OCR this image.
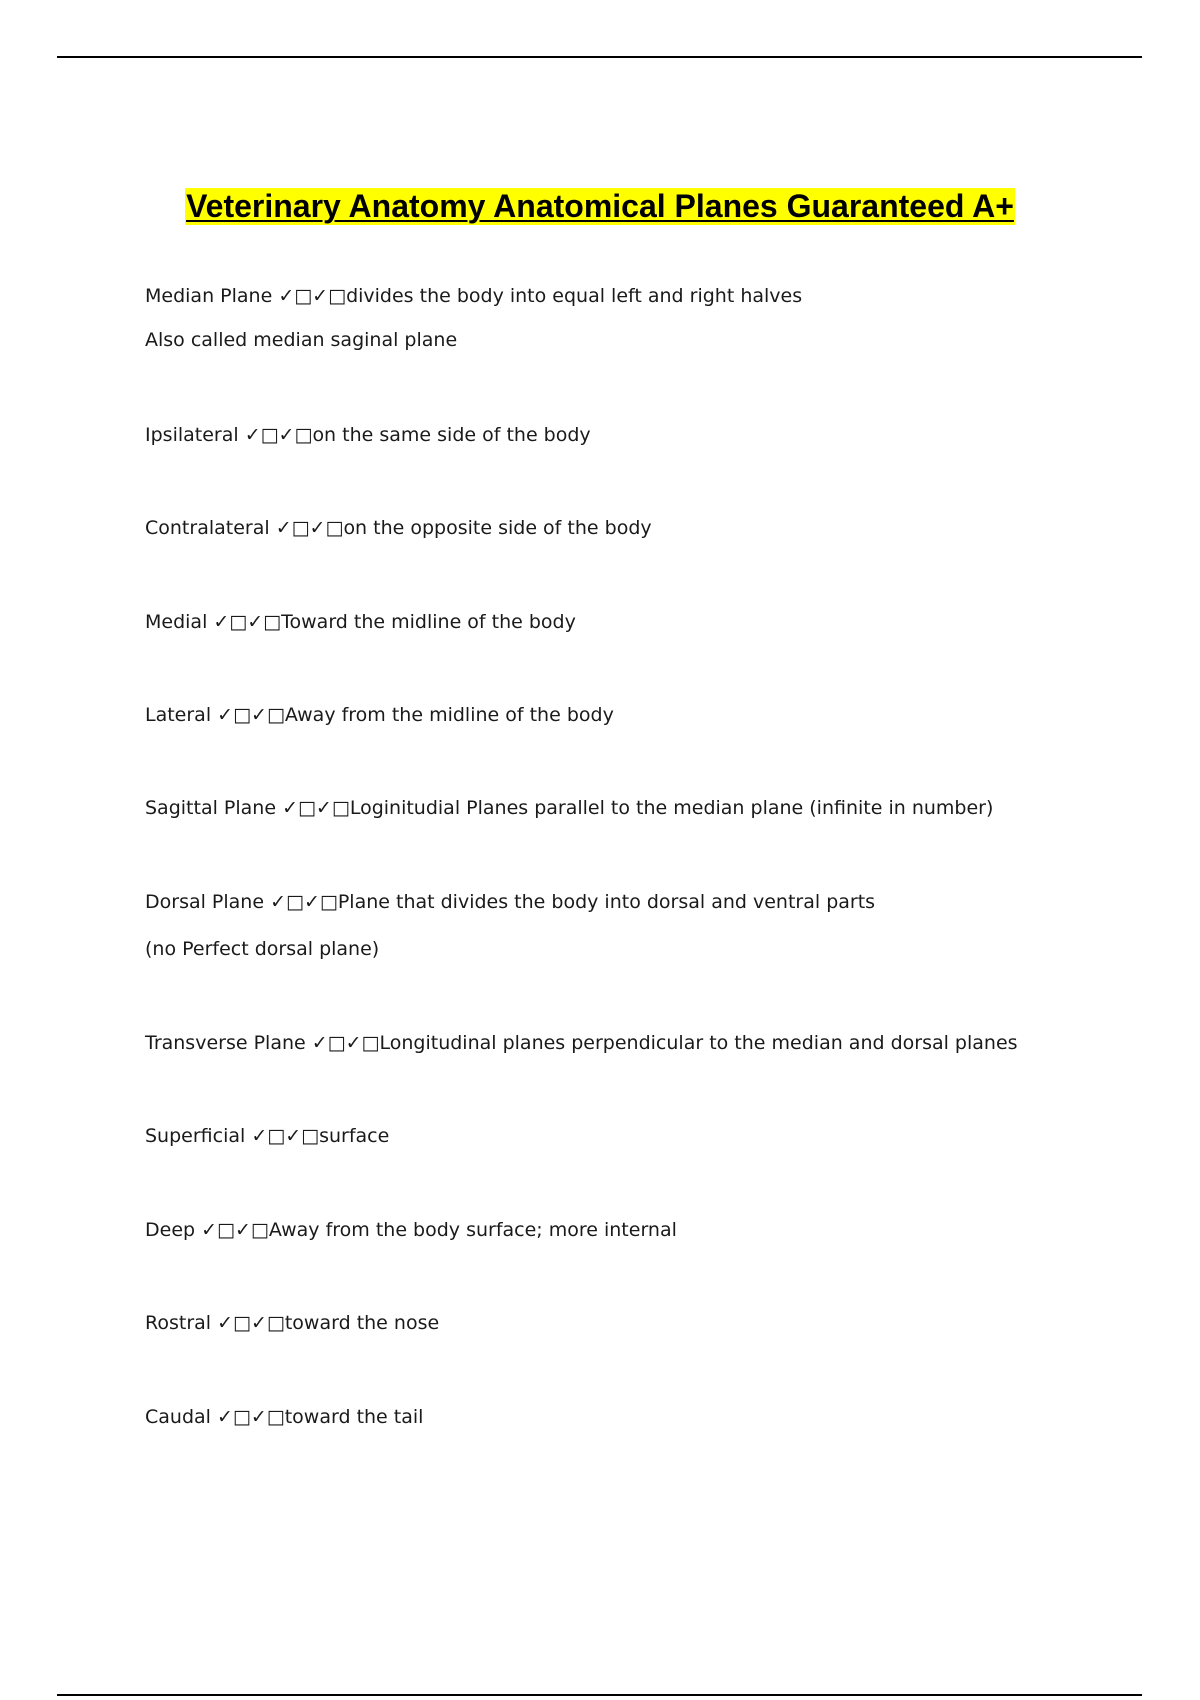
Veterinary Anatomy Anatomical Planes Guaranteed A+
Median Plane ✓□✓□divides the body into equal left and right halves
Also called median saginal plane
Ipsilateral ✓□✓□on the same side of the body
Contralateral ✓□✓□on the opposite side of the body
Medial ✓□✓□Toward the midline of the body
Lateral ✓□✓□Away from the midline of the body
Sagittal Plane ✓□✓□Loginitudial Planes parallel to the median plane (infinite in number)
Dorsal Plane ✓□✓□Plane that divides the body into dorsal and ventral parts
(no Perfect dorsal plane)
Transverse Plane ✓□✓□Longitudinal planes perpendicular to the median and dorsal planes
Superficial ✓□✓□surface
Deep ✓□✓□Away from the body surface; more internal
Rostral ✓□✓□toward the nose
Caudal ✓□✓□toward the tail
